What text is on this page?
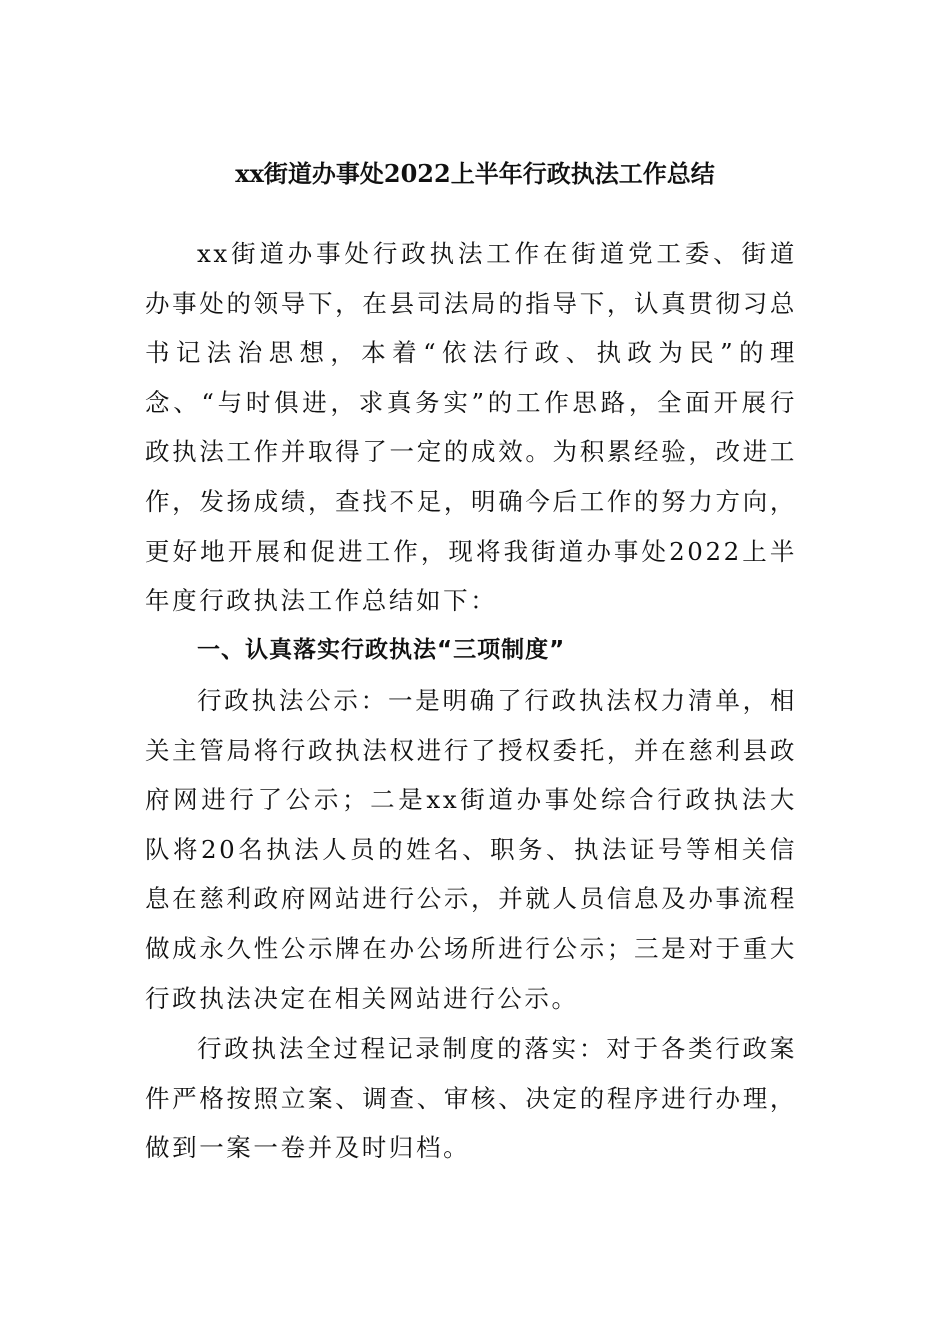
xx街道办事处2022上半年行政执法工作总结

xx街道办事处行政执法工作在街道党工委、街道办事处的领导下，在县司法局的指导下，认真贯彻习总书记法治思想，本着“依法行政、执政为民”的理念、“与时俱进，求真务实”的工作思路，全面开展行政执法工作并取得了一定的成效。为积累经验，改进工作，发扬成绩，查找不足，明确今后工作的努力方向，更好地开展和促进工作，现将我街道办事处2022上半年度行政执法工作总结如下：

一、认真落实行政执法“三项制度”

行政执法公示：一是明确了行政执法权力清单，相关主管局将行政执法权进行了授权委托，并在慈利县政府网进行了公示；二是xx街道办事处综合行政执法大队将20名执法人员的姓名、职务、执法证号等相关信息在慈利政府网站进行公示，并就人员信息及办事流程做成永久性公示牌在办公场所进行公示；三是对于重大行政执法决定在相关网站进行公示。

行政执法全过程记录制度的落实：对于各类行政案件严格按照立案、调查、审核、决定的程序进行办理，做到一案一卷并及时归档。
